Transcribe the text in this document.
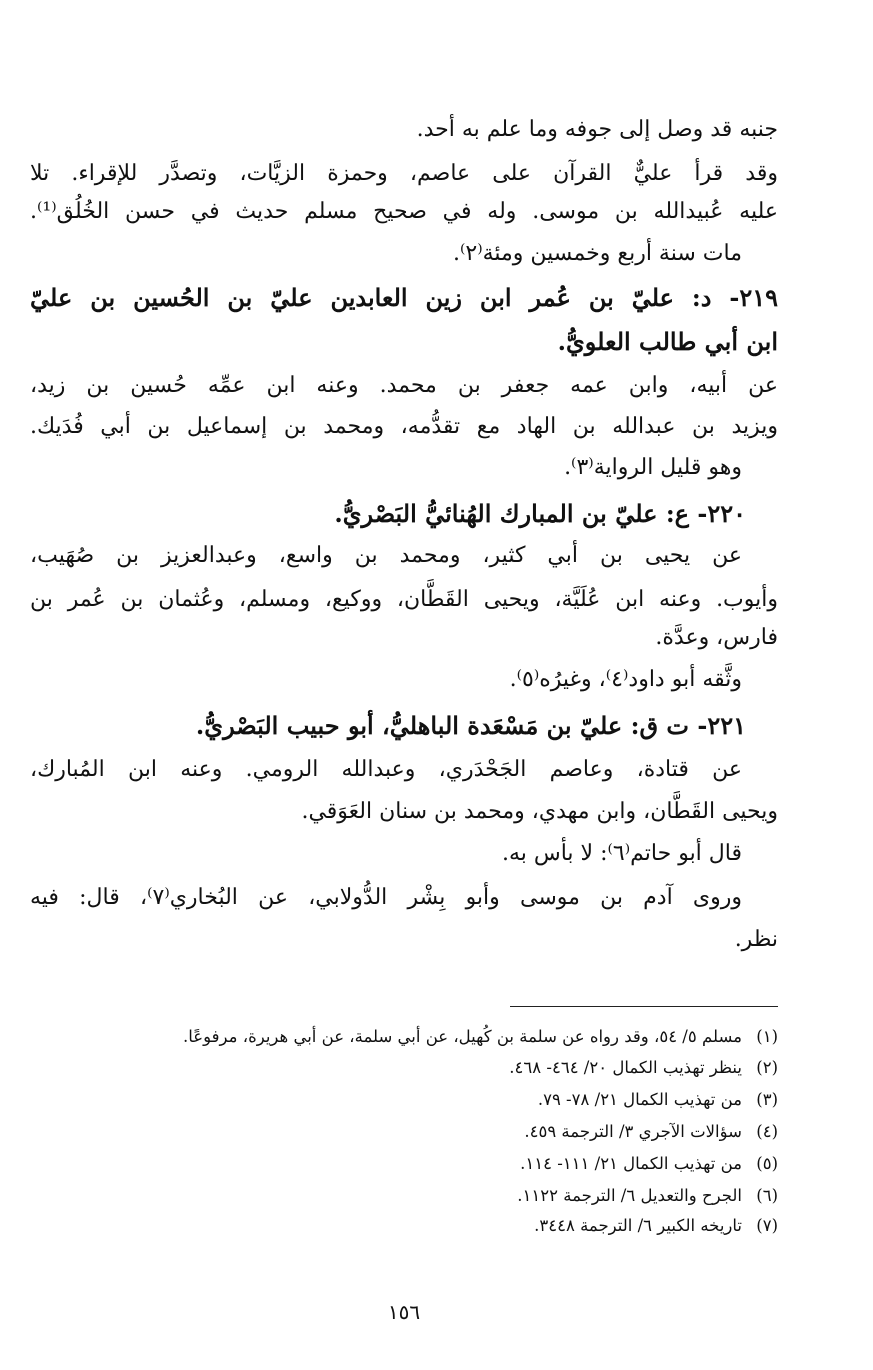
جنبه قد وصل إلى جوفه وما علم به أحد.
وقد قرأ عليٌّ القرآن على عاصم، وحمزة الزيَّات، وتصدَّر للإقراء. تلا
عليه عُبيدالله بن موسى. وله في صحيح مسلم حديث في حسن الخُلُق⁽¹⁾.
مات سنة أربع وخمسين ومئة⁽٢⁾.
٢١٩- د: عليّ بن عُمر ابن زين العابدين عليّ بن الحُسين بن عليّ
ابن أبي طالب العلويُّ.
عن أبيه، وابن عمه جعفر بن محمد. وعنه ابن عمِّه حُسين بن زيد،
ويزيد بن عبدالله بن الهاد مع تقدُّمه، ومحمد بن إسماعيل بن أبي فُدَيك.
وهو قليل الرواية⁽٣⁾.
٢٢٠- ع: عليّ بن المبارك الهُنائيُّ البَصْريُّ.
عن يحيى بن أبي كثير، ومحمد بن واسع، وعبدالعزيز بن صُهَيب،
وأيوب. وعنه ابن عُلَيَّة، ويحيى القَطَّان، ووكيع، ومسلم، وعُثمان بن عُمر بن
فارس، وعدَّة.
وثَّقه أبو داود⁽٤⁾، وغيرُه⁽٥⁾.
٢٢١- ت ق: عليّ بن مَسْعَدة الباهليُّ، أبو حبيب البَصْريُّ.
عن قتادة، وعاصم الجَحْدَري، وعبدالله الرومي. وعنه ابن المُبارك،
ويحيى القَطَّان، وابن مهدي، ومحمد بن سنان العَوَقي.
قال أبو حاتم⁽٦⁾: لا بأس به.
وروى آدم بن موسى وأبو بِشْر الدُّولابي، عن البُخاري⁽٧⁾، قال: فيه
نظر.
(١)مسلم ٥/ ٥٤، وقد رواه عن سلمة بن كُهيل، عن أبي سلمة، عن أبي هريرة، مرفوعًا.
(٢)ينظر تهذيب الكمال ٢٠/ ٤٦٤- ٤٦٨.
(٣)من تهذيب الكمال ٢١/ ٧٨- ٧٩.
(٤)سؤالات الآجري ٣/ الترجمة ٤٥٩.
(٥)من تهذيب الكمال ٢١/ ١١١- ١١٤.
(٦)الجرح والتعديل ٦/ الترجمة ١١٢٢.
(٧)تاريخه الكبير ٦/ الترجمة ٣٤٤٨.
١٥٦
